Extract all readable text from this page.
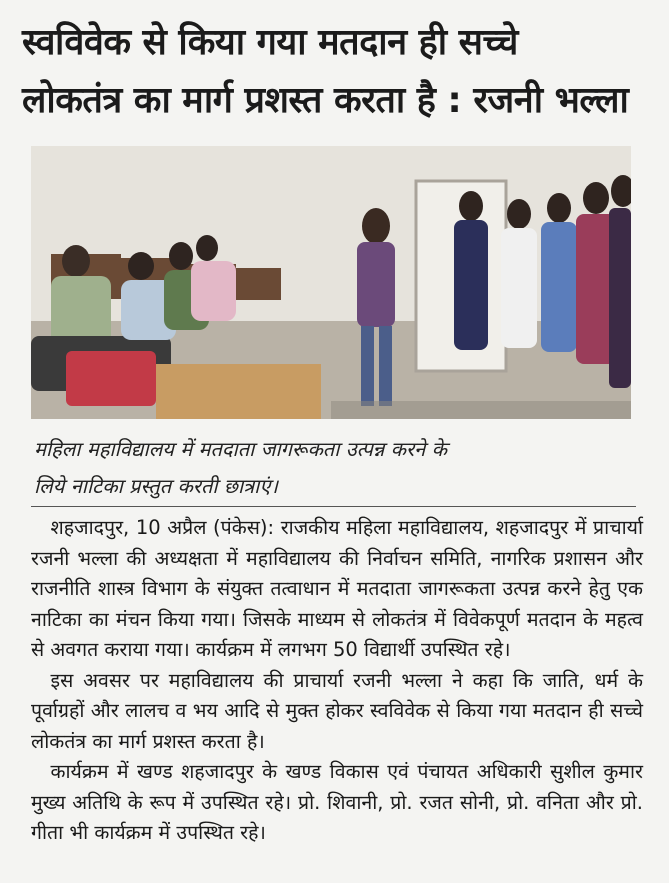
स्वविवेक से किया गया मतदान ही सच्चे
लोकतंत्र का मार्ग प्रशस्त करता है : रजनी भल्ला
महिला महाविद्यालय में मतदाता जागरूकता उत्पन्न करने के
लिये नाटिका प्रस्तुत करती छात्राएं।

 शहजादपुर, 10 अप्रैल (पंकेस): राजकीय महिला महाविद्यालय, शहजादपुर में प्राचार्या रजनी भल्ला की अध्यक्षता में महाविद्यालय की निर्वाचन समिति, नागरिक प्रशासन और राजनीति शास्त्र विभाग के संयुक्त तत्वाधान में मतदाता जागरूकता उत्पन्न करने हेतु एक नाटिका का मंचन किया गया। जिसके माध्यम से लोकतंत्र में विवेकपूर्ण मतदान के महत्व से अवगत कराया गया। कार्यक्रम में लगभग 50 विद्यार्थी उपस्थित रहे।

 इस अवसर पर महाविद्यालय की प्राचार्या रजनी भल्ला ने कहा कि जाति, धर्म के पूर्वाग्रहों और लालच व भय आदि से मुक्त होकर स्वविवेक से किया गया मतदान ही सच्चे लोकतंत्र का मार्ग प्रशस्त करता है।

 कार्यक्रम में खण्ड शहजादपुर के खण्ड विकास एवं पंचायत अधिकारी सुशील कुमार मुख्य अतिथि के रूप में उपस्थित रहे। प्रो. शिवानी, प्रो. रजत सोनी, प्रो. वनिता और प्रो. गीता भी कार्यक्रम में उपस्थित रहे।
